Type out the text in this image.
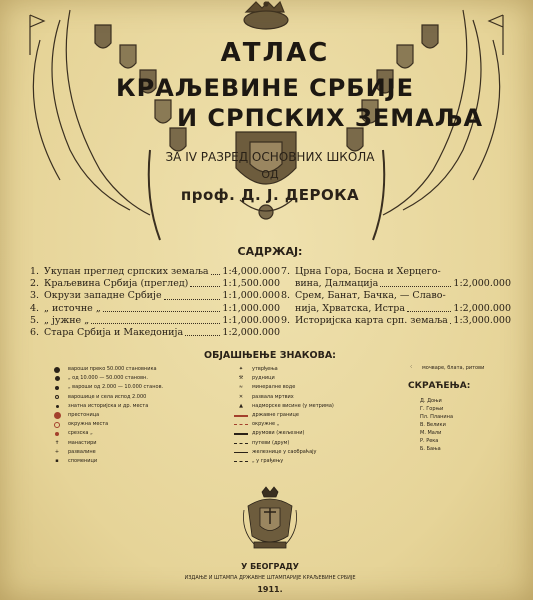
АТЛАС
КРАЉЕВИНЕ СРБИЈЕ
И СРПСКИХ ЗЕМАЉА
ЗА IV РАЗРЕД ОСНОВНИХ ШКОЛА
ОД
проф. Д. Ј. ДЕРОКА
САДРЖАЈ:
1. Укупан преглед српских земаља 1:4,000.000
2. Краљевина Србија (преглед)	1:1,500.000
3. Окрузи западне Србије	1:1,000.000
4. „ источне „	1:1,000.000
5. „ јужне „	1:1,000.000
6. Стара Србија и Македонија	1:2,000.000
7. Црна Гора, Босна и Херцего-
вина, Далмација	1:2,000.000
8. Срем, Банат, Бачка, — Славо-
нија, Хрватска, Истра	1:2,000.000
9. Историјска карта срп. земаља 1:3,000.000
ОБЈАШЊЕЊЕ ЗНАКОВА:
вароши преко 50.000 становника
„ од 10.000 — 50.000 становн.
„ вароши од 2.000 — 10.000 станов.
варошице и села испод 2.000
знатна историјска и др. места
престоница
окружна места
срезска „
✝	манастири
+	развалине
▪	споменици
✦	утврђења
⚒	рудници
≈	минералне воде
✕	развала мртвих
▲	надморске висине (у метрима)
државне границе
окружне „
друмови (жељезни)
путеви (друм)
железнице у саобраћају
„ у грађењу
⁖	мочваре, блата, ритови
СКРАЋЕЊА:
Д. Доњи
Г. Горњи
Пл. Планина
В. Велики
М. Мали
Р. Река
Б. Бања
У БЕОГРАДУ
ИЗДАЊЕ И ШТАМПА ДРЖАВНЕ ШТАМПАРИЈЕ КРАЉЕВИНЕ СРБИЈЕ
1911.
